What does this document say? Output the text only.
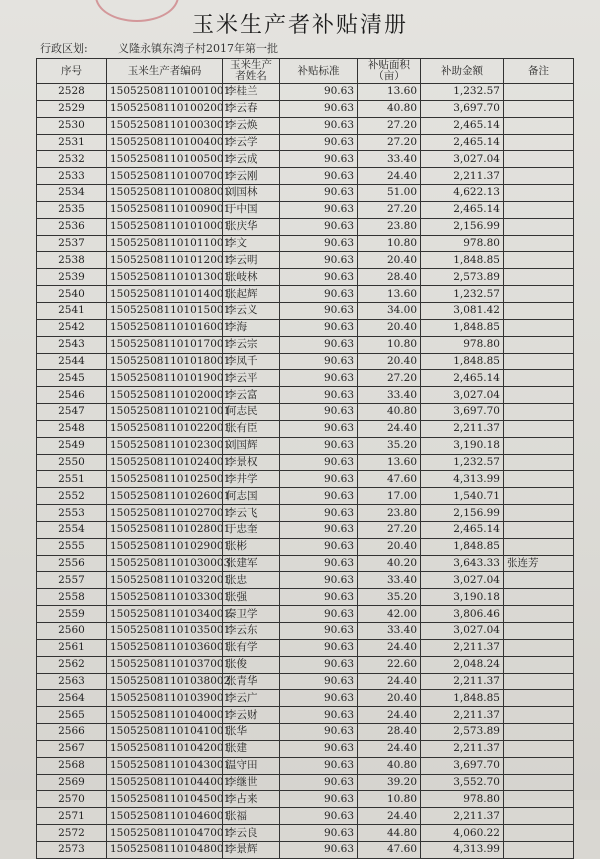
玉米生产者补贴清册
行政区划:	义隆永镇东湾子村2017年第一批
序号	玉米生产者编码	玉米生产者姓名	补贴标准	补贴面积（亩）	补助金额	备注
2528	150525081101001001	李桂兰	90.63	13.60	1,232.57	
2529	150525081101002001	李云春	90.63	40.80	3,697.70	
2530	150525081101003001	李云焕	90.63	27.20	2,465.14	
2531	150525081101004001	李云学	90.63	27.20	2,465.14	
2532	150525081101005001	李云成	90.63	33.40	3,027.04	
2533	150525081101007001	李云刚	90.63	24.40	2,211.37	
2534	150525081101008001	刘国林	90.63	51.00	4,622.13	
2535	150525081101009001	于中国	90.63	27.20	2,465.14	
2536	150525081101010001	张庆华	90.63	23.80	2,156.99	
2537	150525081101011001	李文	90.63	10.80	978.80	
2538	150525081101012001	李云明	90.63	20.40	1,848.85	
2539	150525081101013001	张岐林	90.63	28.40	2,573.89	
2540	150525081101014001	张起辉	90.63	13.60	1,232.57	
2541	150525081101015001	李云义	90.63	34.00	3,081.42	
2542	150525081101016001	李海	90.63	20.40	1,848.85	
2543	150525081101017001	李云宗	90.63	10.80	978.80	
2544	150525081101018001	李凤千	90.63	20.40	1,848.85	
2545	150525081101019001	李云平	90.63	27.20	2,465.14	
2546	150525081101020001	李云富	90.63	33.40	3,027.04	
2547	150525081101021001	何志民	90.63	40.80	3,697.70	
2548	150525081101022001	张有臣	90.63	24.40	2,211.37	
2549	150525081101023001	刘国辉	90.63	35.20	3,190.18	
2550	150525081101024001	李景权	90.63	13.60	1,232.57	
2551	150525081101025001	李井学	90.63	47.60	4,313.99	
2552	150525081101026001	何志国	90.63	17.00	1,540.71	
2553	150525081101027001	李云飞	90.63	23.80	2,156.99	
2554	150525081101028001	于忠奎	90.63	27.20	2,465.14	
2555	150525081101029001	张彬	90.63	20.40	1,848.85	
2556	150525081101030003	张建军	90.63	40.20	3,643.33	张连芳
2557	150525081101032001	张忠	90.63	33.40	3,027.04	
2558	150525081101033001	张强	90.63	35.20	3,190.18	
2559	150525081101034001	秦卫学	90.63	42.00	3,806.46	
2560	150525081101035001	李云东	90.63	33.40	3,027.04	
2561	150525081101036001	张有学	90.63	24.40	2,211.37	
2562	150525081101037001	张俊	90.63	22.60	2,048.24	
2563	150525081101038002	张青华	90.63	24.40	2,211.37	
2564	150525081101039001	李云广	90.63	20.40	1,848.85	
2565	150525081101040001	李云财	90.63	24.40	2,211.37	
2566	150525081101041001	张华	90.63	28.40	2,573.89	
2567	150525081101042001	张建	90.63	24.40	2,211.37	
2568	150525081101043001	温守田	90.63	40.80	3,697.70	
2569	150525081101044001	李继世	90.63	39.20	3,552.70	
2570	150525081101045001	李占来	90.63	10.80	978.80	
2571	150525081101046001	张福	90.63	24.40	2,211.37	
2572	150525081101047001	李云良	90.63	44.80	4,060.22	
2573	150525081101048001	李景辉	90.63	47.60	4,313.99	
